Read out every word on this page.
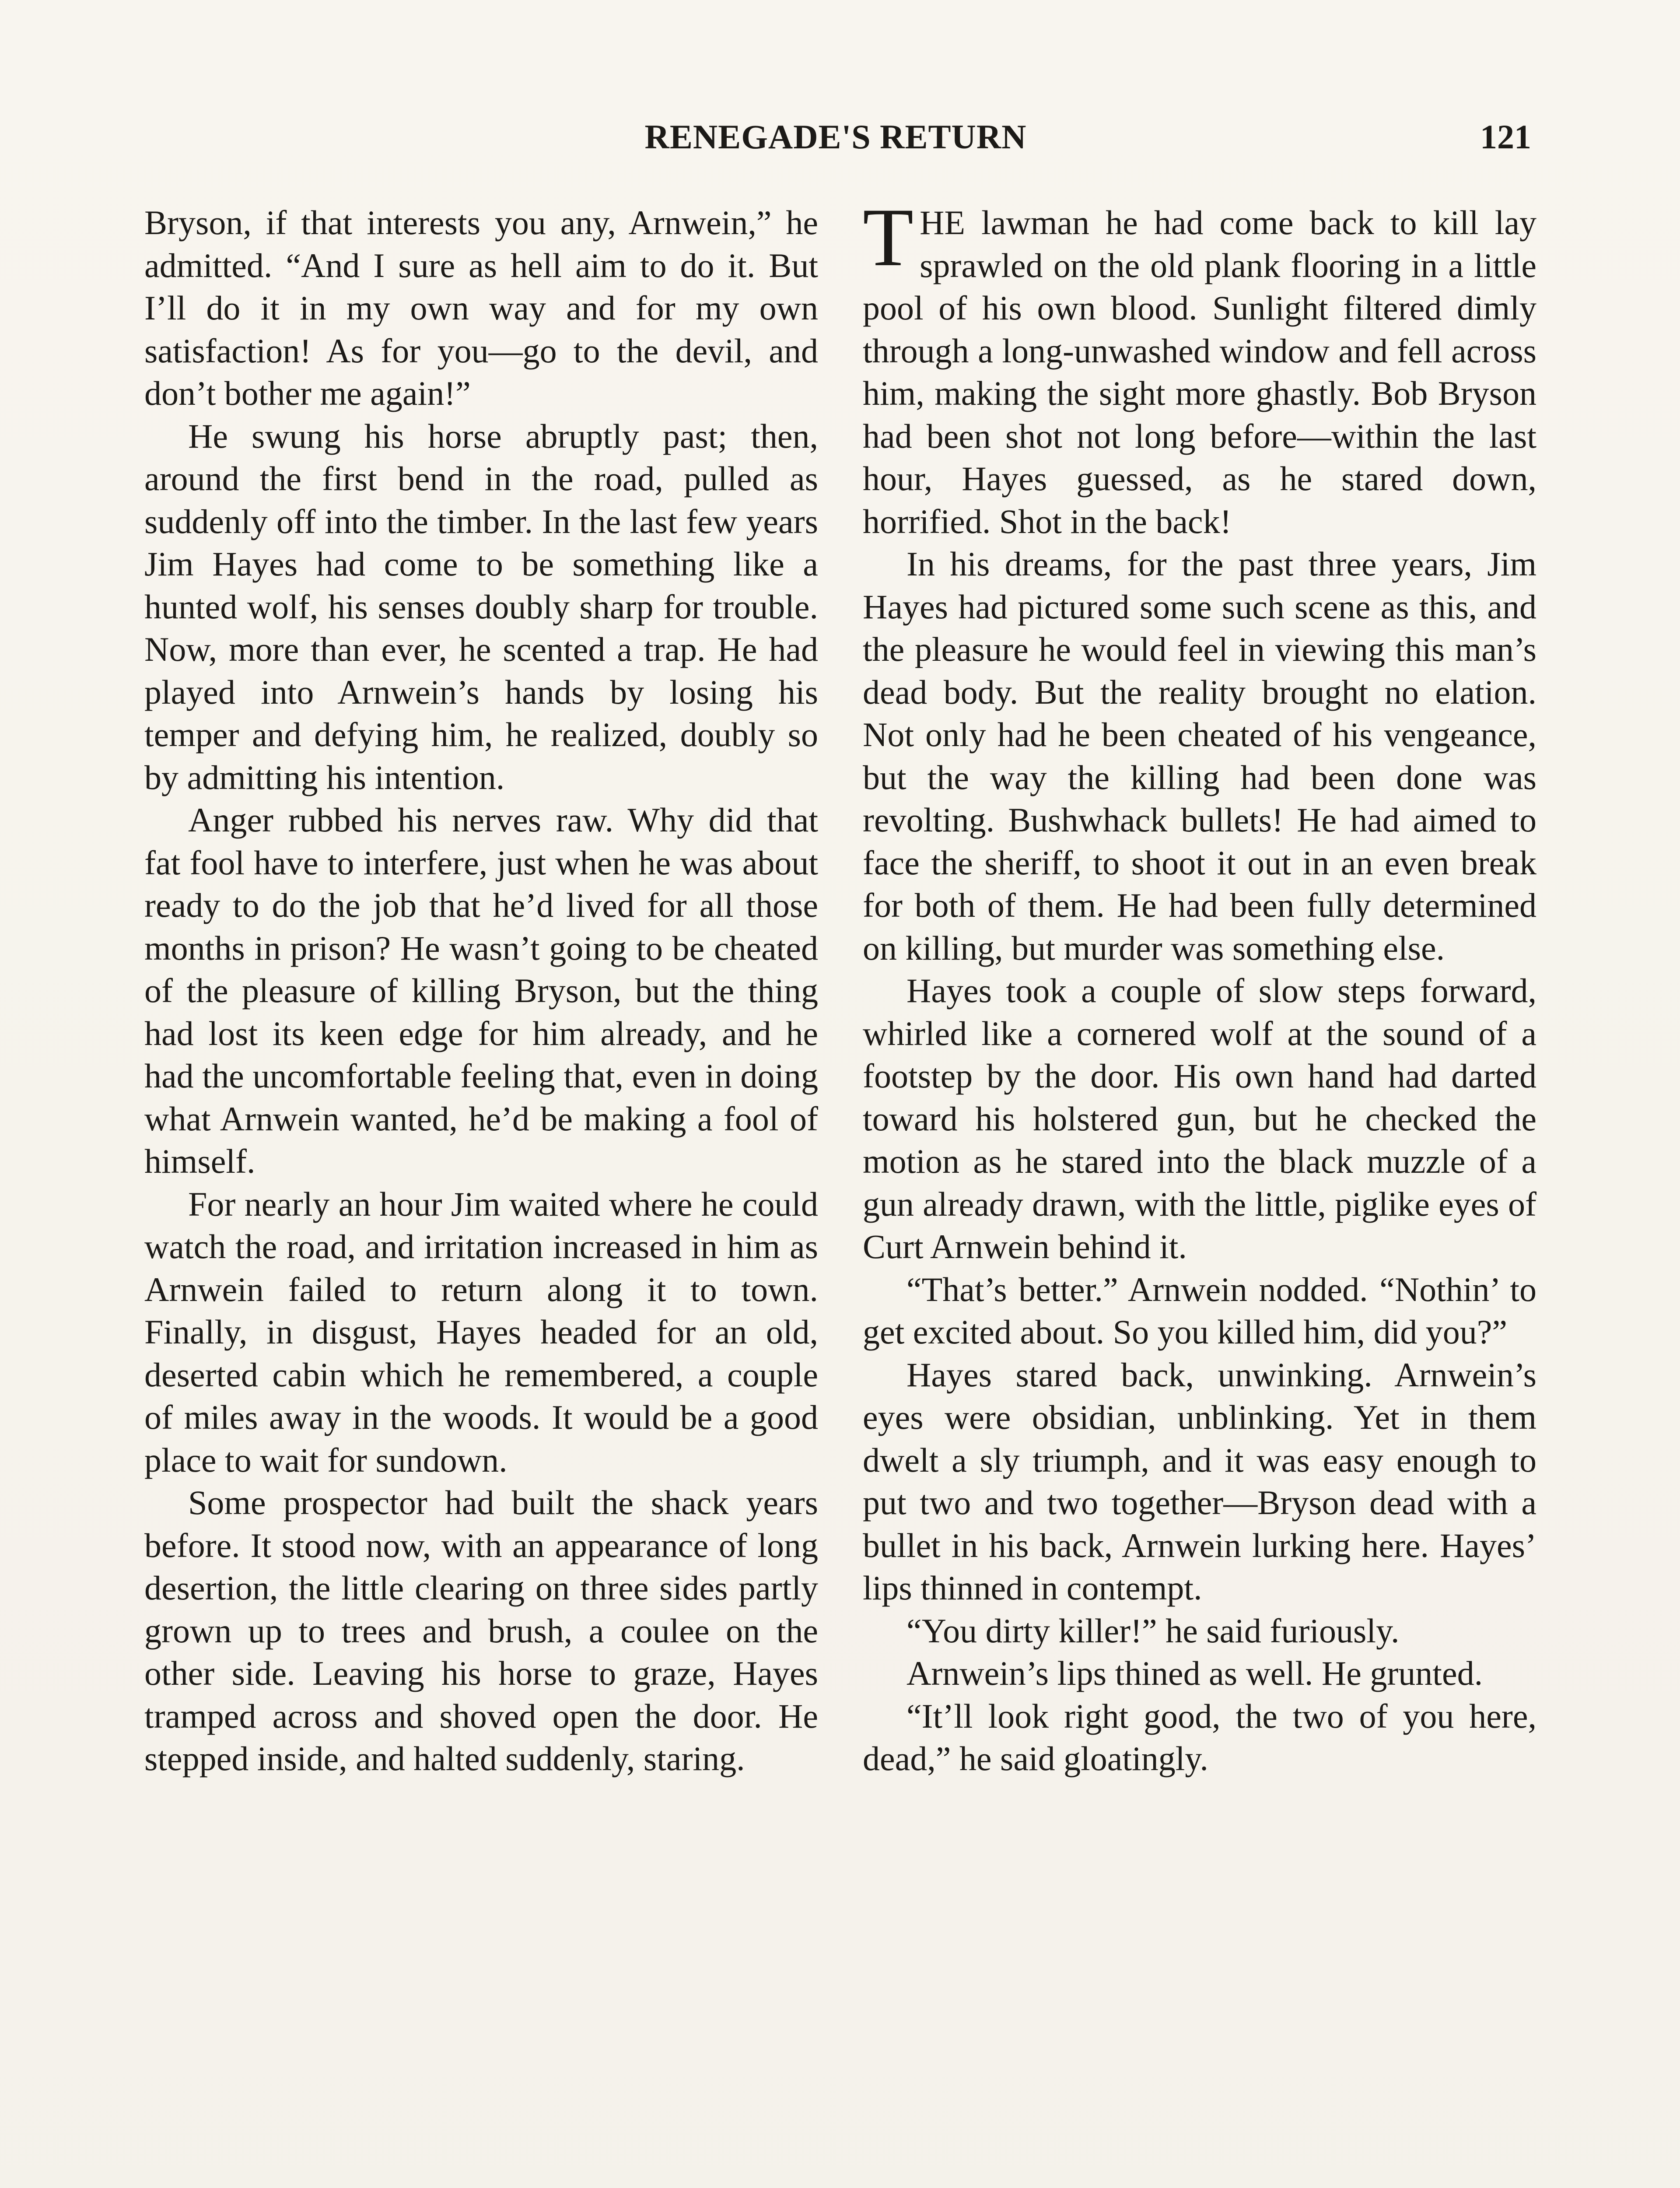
RENEGADE'S RETURN	121

Bryson, if that interests you any, Arnwein,” he admitted. “And I sure as hell aim to do it. But I’ll do it in my own way and for my own satisfaction! As for you—go to the devil, and don’t bother me again!”

He swung his horse abruptly past; then, around the first bend in the road, pulled as suddenly off into the timber. In the last few years Jim Hayes had come to be something like a hunted wolf, his senses doubly sharp for trouble. Now, more than ever, he scented a trap. He had played into Arnwein’s hands by losing his temper and defying him, he realized, doubly so by admitting his intention.

Anger rubbed his nerves raw. Why did that fat fool have to interfere, just when he was about ready to do the job that he’d lived for all those months in prison? He wasn’t going to be cheated of the pleasure of killing Bryson, but the thing had lost its keen edge for him already, and he had the uncomfortable feeling that, even in doing what Arnwein wanted, he’d be making a fool of himself.

For nearly an hour Jim waited where he could watch the road, and irritation increased in him as Arnwein failed to return along it to town. Finally, in disgust, Hayes headed for an old, deserted cabin which he remembered, a couple of miles away in the woods. It would be a good place to wait for sundown.

Some prospector had built the shack years before. It stood now, with an appearance of long desertion, the little clearing on three sides partly grown up to trees and brush, a coulee on the other side. Leaving his horse to graze, Hayes tramped across and shoved open the door. He stepped inside, and halted suddenly, staring.

THE lawman he had come back to kill lay sprawled on the old plank flooring in a little pool of his own blood. Sunlight filtered dimly through a long-unwashed window and fell across him, making the sight more ghastly. Bob Bryson had been shot not long before—within the last hour, Hayes guessed, as he stared down, horrified. Shot in the back!

In his dreams, for the past three years, Jim Hayes had pictured some such scene as this, and the pleasure he would feel in viewing this man’s dead body. But the reality brought no elation. Not only had he been cheated of his vengeance, but the way the killing had been done was revolting. Bushwhack bullets! He had aimed to face the sheriff, to shoot it out in an even break for both of them. He had been fully determined on killing, but murder was something else.

Hayes took a couple of slow steps forward, whirled like a cornered wolf at the sound of a footstep by the door. His own hand had darted toward his holstered gun, but he checked the motion as he stared into the black muzzle of a gun already drawn, with the little, piglike eyes of Curt Arnwein behind it.

“That’s better.” Arnwein nodded. “Nothin’ to get excited about. So you killed him, did you?”

Hayes stared back, unwinking. Arnwein’s eyes were obsidian, unblinking. Yet in them dwelt a sly triumph, and it was easy enough to put two and two together—Bryson dead with a bullet in his back, Arnwein lurking here. Hayes’ lips thinned in contempt.

“You dirty killer!” he said furiously.

Arnwein’s lips thined as well. He grunted.

“It’ll look right good, the two of you here, dead,” he said gloatingly.
